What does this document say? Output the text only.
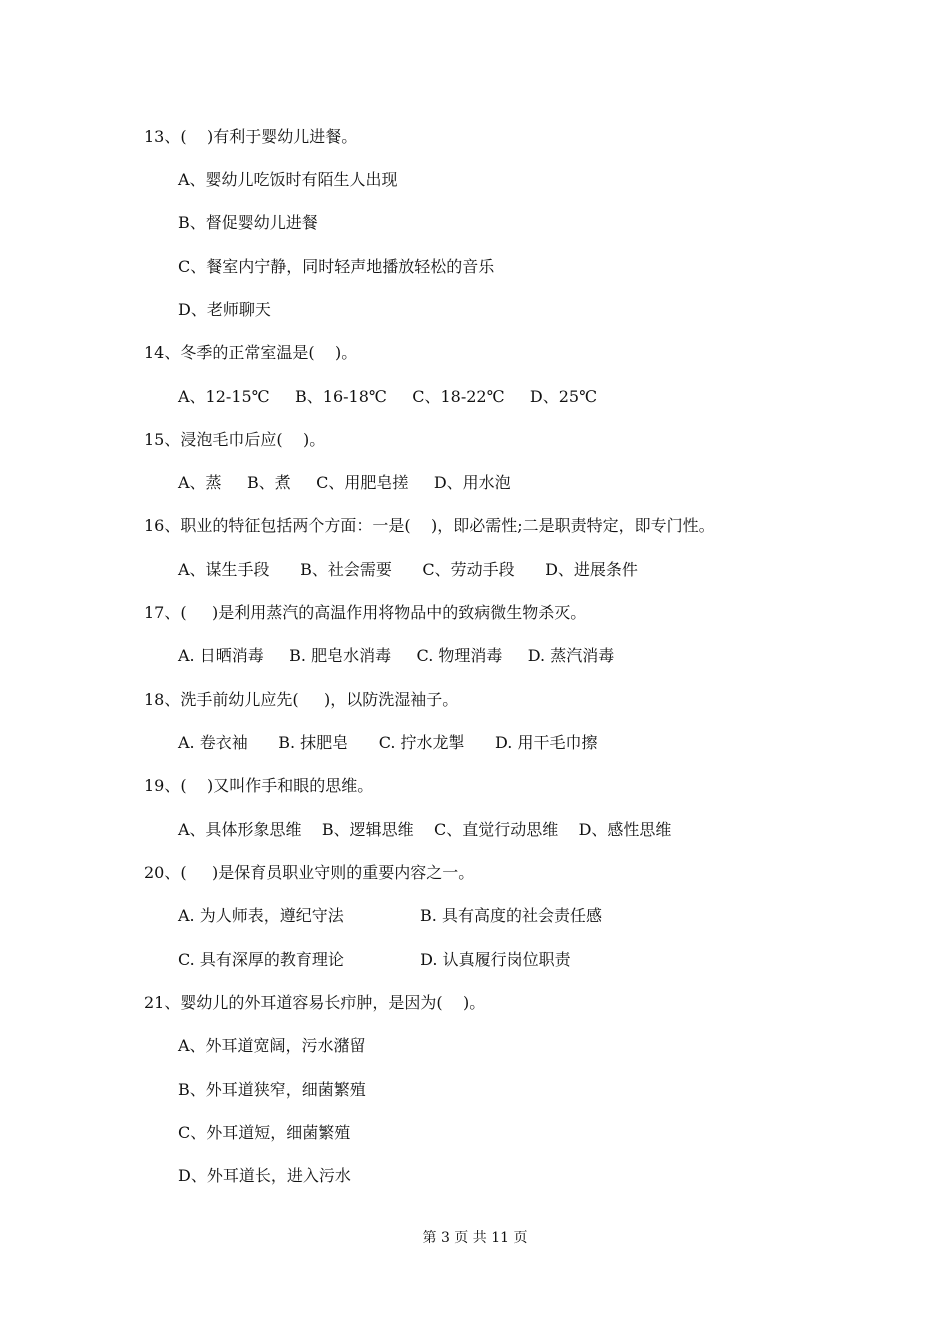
13、(    )有利于婴幼儿进餐。
A、婴幼儿吃饭时有陌生人出现
B、督促婴幼儿进餐
C、餐室内宁静，同时轻声地播放轻松的音乐
D、老师聊天
14、冬季的正常室温是(    )。
A、12-15℃     B、16-18℃     C、18-22℃     D、25℃
15、浸泡毛巾后应(    )。
A、蒸     B、煮     C、用肥皂搓     D、用水泡
16、职业的特征包括两个方面：一是(    )，即必需性;二是职责特定，即专门性。
A、谋生手段      B、社会需要      C、劳动手段      D、进展条件
17、(     )是利用蒸汽的高温作用将物品中的致病微生物杀灭。
A. 日晒消毒     B. 肥皂水消毒     C. 物理消毒     D. 蒸汽消毒
18、洗手前幼儿应先(     )，以防洗湿袖子。
A. 卷衣袖      B. 抹肥皂      C. 拧水龙掣      D. 用干毛巾擦
19、(    )又叫作手和眼的思维。
A、具体形象思维    B、逻辑思维    C、直觉行动思维    D、感性思维
20、(     )是保育员职业守则的重要内容之一。
A. 为人师表，遵纪守法               B. 具有高度的社会责任感
C. 具有深厚的教育理论               D. 认真履行岗位职责
21、婴幼儿的外耳道容易长疖肿，是因为(    )。
A、外耳道宽阔，污水潴留
B、外耳道狭窄，细菌繁殖
C、外耳道短，细菌繁殖
D、外耳道长，进入污水
第 3 页 共 11 页
